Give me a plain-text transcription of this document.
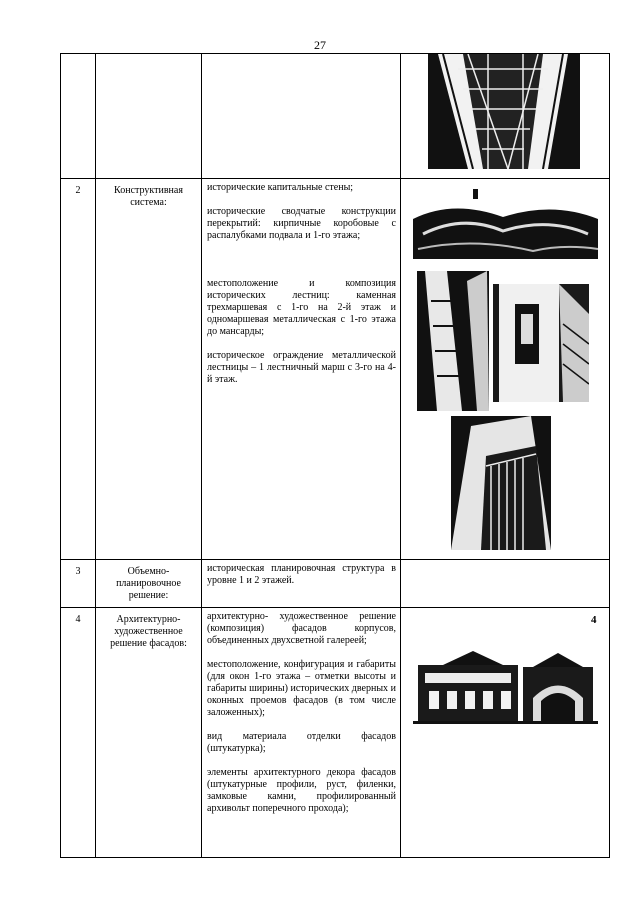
27

2	Конструктивная система:	исторические капитальные стены;

исторические сводчатые конструкции перекрытий: кирпичные коробовые с распалубками подвала и 1-го этажа;

местоположение и композиция исторических лестниц: каменная трехмаршевая с 1-го на 2-й этаж и одномаршевая металлическая с 1-го этажа до мансарды;

историческое ограждение металлической лестницы – 1 лестничный марш с 3-го на 4-й этаж.

3	Объемно-планировочное решение:	историческая планировочная структура в уровне 1 и 2 этажей.	

4	Архитектурно-художественное решение фасадов:	архитектурно- художественное решение (композиция) фасадов корпусов, объединенных двухсветной галереей;

местоположение, конфигурация и габариты (для окон 1-го этажа – отметки высоты и габариты ширины) исторических дверных и оконных проемов фасадов (в том числе заложенных);

вид материала отделки фасадов (штукатурка);

элементы архитектурного декора фасадов (штукатурные профили, руст, филенки, замковые камни, профилированный архивольт поперечного прохода);	4
